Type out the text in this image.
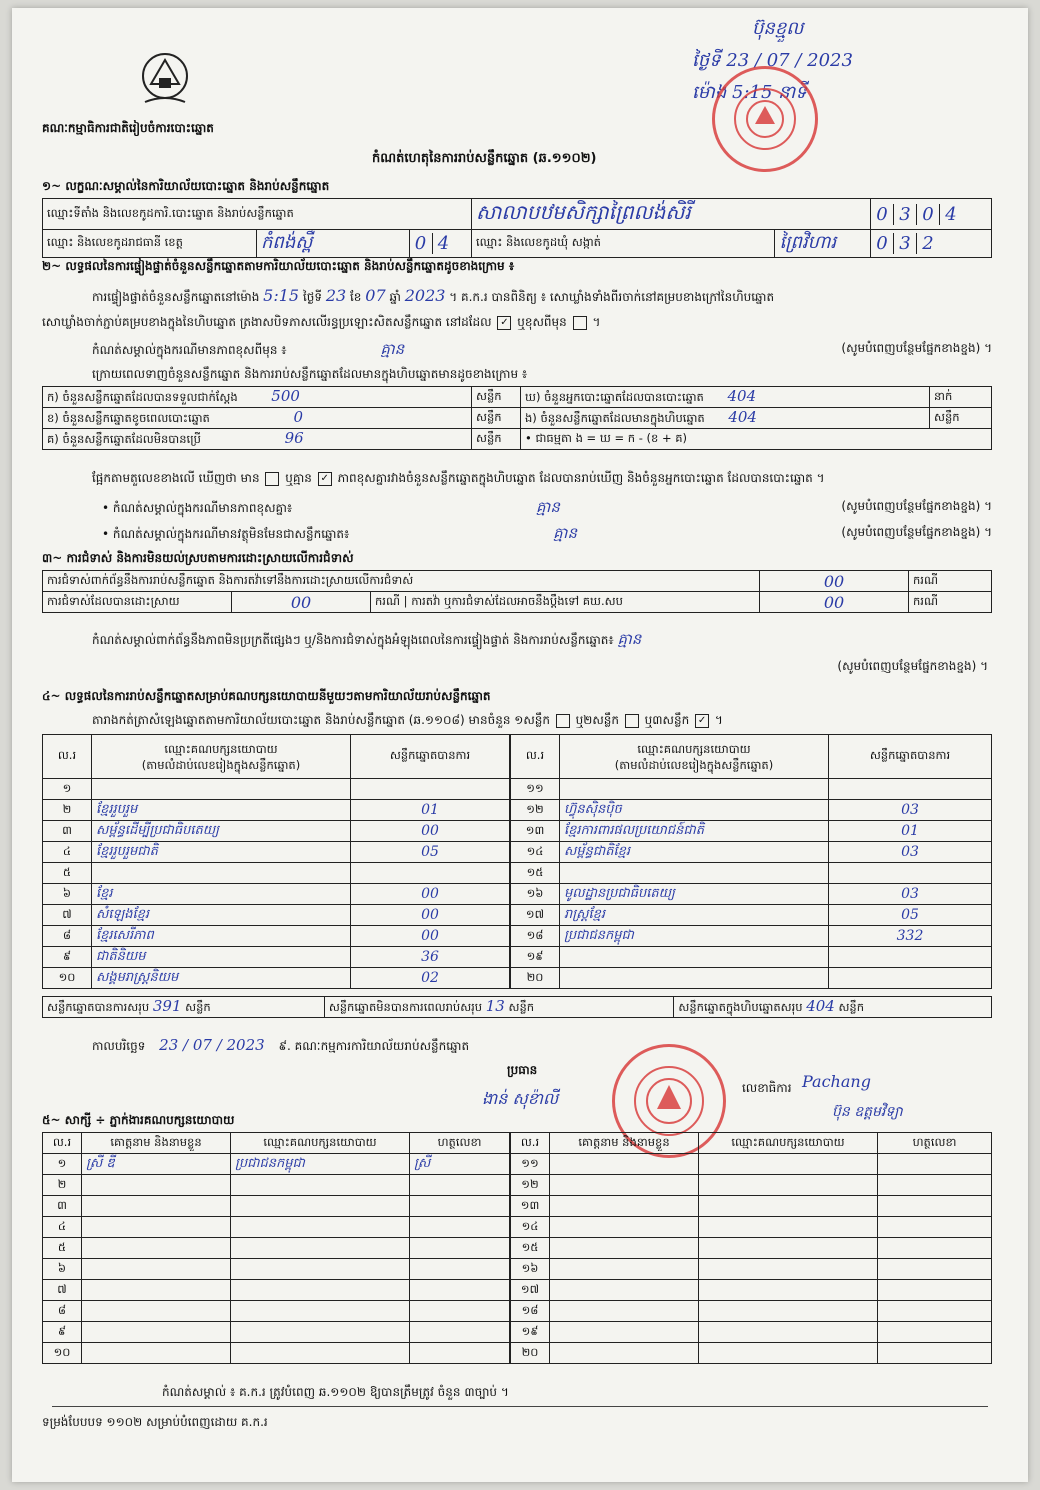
គណៈកម្មាធិការជាតិរៀបចំការបោះឆ្នោត
កំណត់ហេតុនៃការរាប់សន្លឹកឆ្នោត (ឆ.១១០២)
ប៊ុនខ្មួល
ថ្ងៃទី 23 / 07 / 2023
ម៉ោង 5:15 នាទី
១~ លក្ខណៈសម្គាល់នៃការិយាល័យបោះឆ្នោត និងរាប់សន្លឹកឆ្នោត
ឈ្មោះទីតាំង និងលេខកូដការិ.បោះឆ្នោត និងរាប់សន្លឹកឆ្នោត			សាលាបឋមសិក្សាព្រៃលង់សិរី		0 3 0 4
ឈ្មោះ និងលេខកូដរាជធានី ខេត្ត	កំពង់ស្ពឺ	0 4	ឈ្មោះ និងលេខកូដឃុំ សង្កាត់	ព្រៃវិហារ	0 3 2
២~ លទ្ធផលនៃការផ្ទៀងផ្ទាត់ចំនួនសន្លឹកឆ្នោតតាមការិយាល័យបោះឆ្នោត និងរាប់សន្លឹកឆ្នោតដូចខាងក្រោម ៖
ការផ្ទៀងផ្ទាត់ចំនួនសន្លឹកឆ្នោតនៅម៉ោង 5:15 ថ្ងៃទី 23 ខែ 07 ឆ្នាំ 2023 ។ គ.ក.រ បានពិនិត្យ ៖ សោឃ្លាំងទាំងពីរចាក់នៅគម្របខាងក្រៅនៃហិបឆ្នោត
សោឃ្លាំងចាក់ភ្ជាប់គម្របខាងក្នុងនៃហិបឆ្នោត ត្រងាសបិទភាសលើរន្ធប្រឡោះសិតសន្លឹកឆ្នោត នៅដដែល ✓ ឬខុសពីមុន ។
កំណត់សម្គាល់ក្នុងករណីមានភាពខុសពីមុន ៖	គ្មាន	(សូមបំពេញបន្ថែមផ្នែកខាងខ្នង) ។
ក្រោយពេលទាញចំនួនសន្លឹកឆ្នោត និងការរាប់សន្លឹកឆ្នោតដែលមានក្នុងហិបឆ្នោតមានដូចខាងក្រោម ៖
ក) ចំនួនសន្លឹកឆ្នោតដែលបានទទួលជាក់ស្តែង 500	សន្លឹក	ឃ) ចំនួនអ្នកបោះឆ្នោតដែលបានបោះឆ្នោត 404	នាក់
ខ) ចំនួនសន្លឹកឆ្នោតខូចពេលបោះឆ្នោត 0	សន្លឹក	ង) ចំនួនសន្លឹកឆ្នោតដែលមានក្នុងហិបឆ្នោត 404	សន្លឹក
គ) ចំនួនសន្លឹកឆ្នោតដែលមិនបានប្រើ 96	សន្លឹក	• ជាធម្មតា ង = ឃ = ក - (ខ + គ)	
ផ្អែកតាមតួលេខខាងលើ ឃើញថា មាន ឬគ្មាន ✓ ភាពខុសគ្នារវាងចំនួនសន្លឹកឆ្នោតក្នុងហិបឆ្នោត ដែលបានរាប់ឃើញ និងចំនួនអ្នកបោះឆ្នោត ដែលបានបោះឆ្នោត ។
• កំណត់សម្គាល់ក្នុងករណីមានភាពខុសគ្នា៖	គ្មាន	(សូមបំពេញបន្ថែមផ្នែកខាងខ្នង) ។
• កំណត់សម្គាល់ក្នុងករណីមានវត្ថុមិនមែនជាសន្លឹកឆ្នោត៖	គ្មាន	(សូមបំពេញបន្ថែមផ្នែកខាងខ្នង) ។
៣~ ការជំទាស់ និងការមិនយល់ស្របតាមការដោះស្រាយលើការជំទាស់
ការជំទាស់ពាក់ព័ន្ធនឹងការរាប់សន្លឹកឆ្នោត និងការតវ៉ាទៅនឹងការដោះស្រាយលើការជំទាស់			00	ករណី
ការជំទាស់ដែលបានដោះស្រាយ	00	ករណី | ការតវ៉ា ឬការជំទាស់ដែលអាចនឹងប្តឹងទៅ គឃ.សប	00	ករណី
កំណត់សម្គាល់ពាក់ព័ន្ធនឹងភាពមិនប្រក្រតីផ្សេងៗ ឬ/និងការជំទាស់ក្នុងអំឡុងពេលនៃការផ្ទៀងផ្ទាត់ និងការរាប់សន្លឹកឆ្នោត៖ គ្មាន
(សូមបំពេញបន្ថែមផ្នែកខាងខ្នង) ។
៤~ លទ្ធផលនៃការរាប់សន្លឹកឆ្នោតសម្រាប់គណបក្សនយោបាយនីមួយៗតាមការិយាល័យរាប់សន្លឹកឆ្នោត
តារាងកត់ត្រាសំឡេងឆ្នោតតាមការិយាល័យបោះឆ្នោត និងរាប់សន្លឹកឆ្នោត (ឆ.១១០៨) មានចំនួន ១សន្លឹក ឬ២សន្លឹក ឬ៣សន្លឹក ✓ ។
ល.រ	ឈ្មោះគណបក្សនយោបាយ
(តាមលំដាប់លេខរៀងក្នុងសន្លឹកឆ្នោត)	សន្លឹកឆ្នោតបានការ
១		
២	ខ្មែររួបរួម	01
៣	សម្ព័ន្ធដើម្បីប្រជាធិបតេយ្យ	00
៤	ខ្មែររួបរួមជាតិ	05
៥		
៦	ខ្មែរ	00
៧	សំឡេងខ្មែរ	00
៨	ខ្មែរសេរីភាព	00
៩	ជាតិនិយម	36
១០	សង្គមរាស្ត្រនិយម	02
ល.រ	ឈ្មោះគណបក្សនយោបាយ
(តាមលំដាប់លេខរៀងក្នុងសន្លឹកឆ្នោត)	សន្លឹកឆ្នោតបានការ
១១		
១២	ហ៊្វុនស៊ិនប៉ិច	03
១៣	ខ្មែរការពារផលប្រយោជន៍ជាតិ	01
១៤	សម្ព័ន្ធជាតិខ្មែរ	03
១៥		
១៦	មូលដ្ឋានប្រជាធិបតេយ្យ	03
១៧	រាស្ត្រខ្មែរ	05
១៨	ប្រជាជនកម្ពុជា	332
១៩		
២០		
សន្លឹកឆ្នោតបានការសរុប 391 សន្លឹក	សន្លឹកឆ្នោតមិនបានការពេលរាប់សរុប 13 សន្លឹក	សន្លឹកឆ្នោតក្នុងហិបឆ្នោតសរុប 404 សន្លឹក
កាលបរិច្ឆេទ 23 / 07 / 2023 ៩. គណៈកម្មការការិយាល័យរាប់សន្លឹកឆ្នោត
ប្រធាន
ងាន់ សុខ៉ាលី
លេខាធិការ Pachang
ប៊ុន ឧត្តមវិទ្យា
៥~ សាក្សី ÷ ភ្នាក់ងារគណបក្សនយោបាយ
ល.រ	គោត្តនាម និងនាមខ្លួន	ឈ្មោះគណបក្សនយោបាយ	ហត្ថលេខា
១	ស្រី ឌី	ប្រជាជនកម្ពុជា	ស្រី
២			
៣			
៤			
៥			
៦			
៧			
៨			
៩			
១០			
ល.រ	គោត្តនាម និងនាមខ្លួន	ឈ្មោះគណបក្សនយោបាយ	ហត្ថលេខា
១១			
១២			
១៣			
១៤			
១៥			
១៦			
១៧			
១៨			
១៩			
២០			
កំណត់សម្គាល់ ៖ គ.ក.រ ត្រូវបំពេញ ឆ.១១០២ ឱ្យបានត្រឹមត្រូវ ចំនួន ៣ច្បាប់ ។
ទម្រង់បែបបទ ១១០២ សម្រាប់បំពេញដោយ គ.ក.រ
